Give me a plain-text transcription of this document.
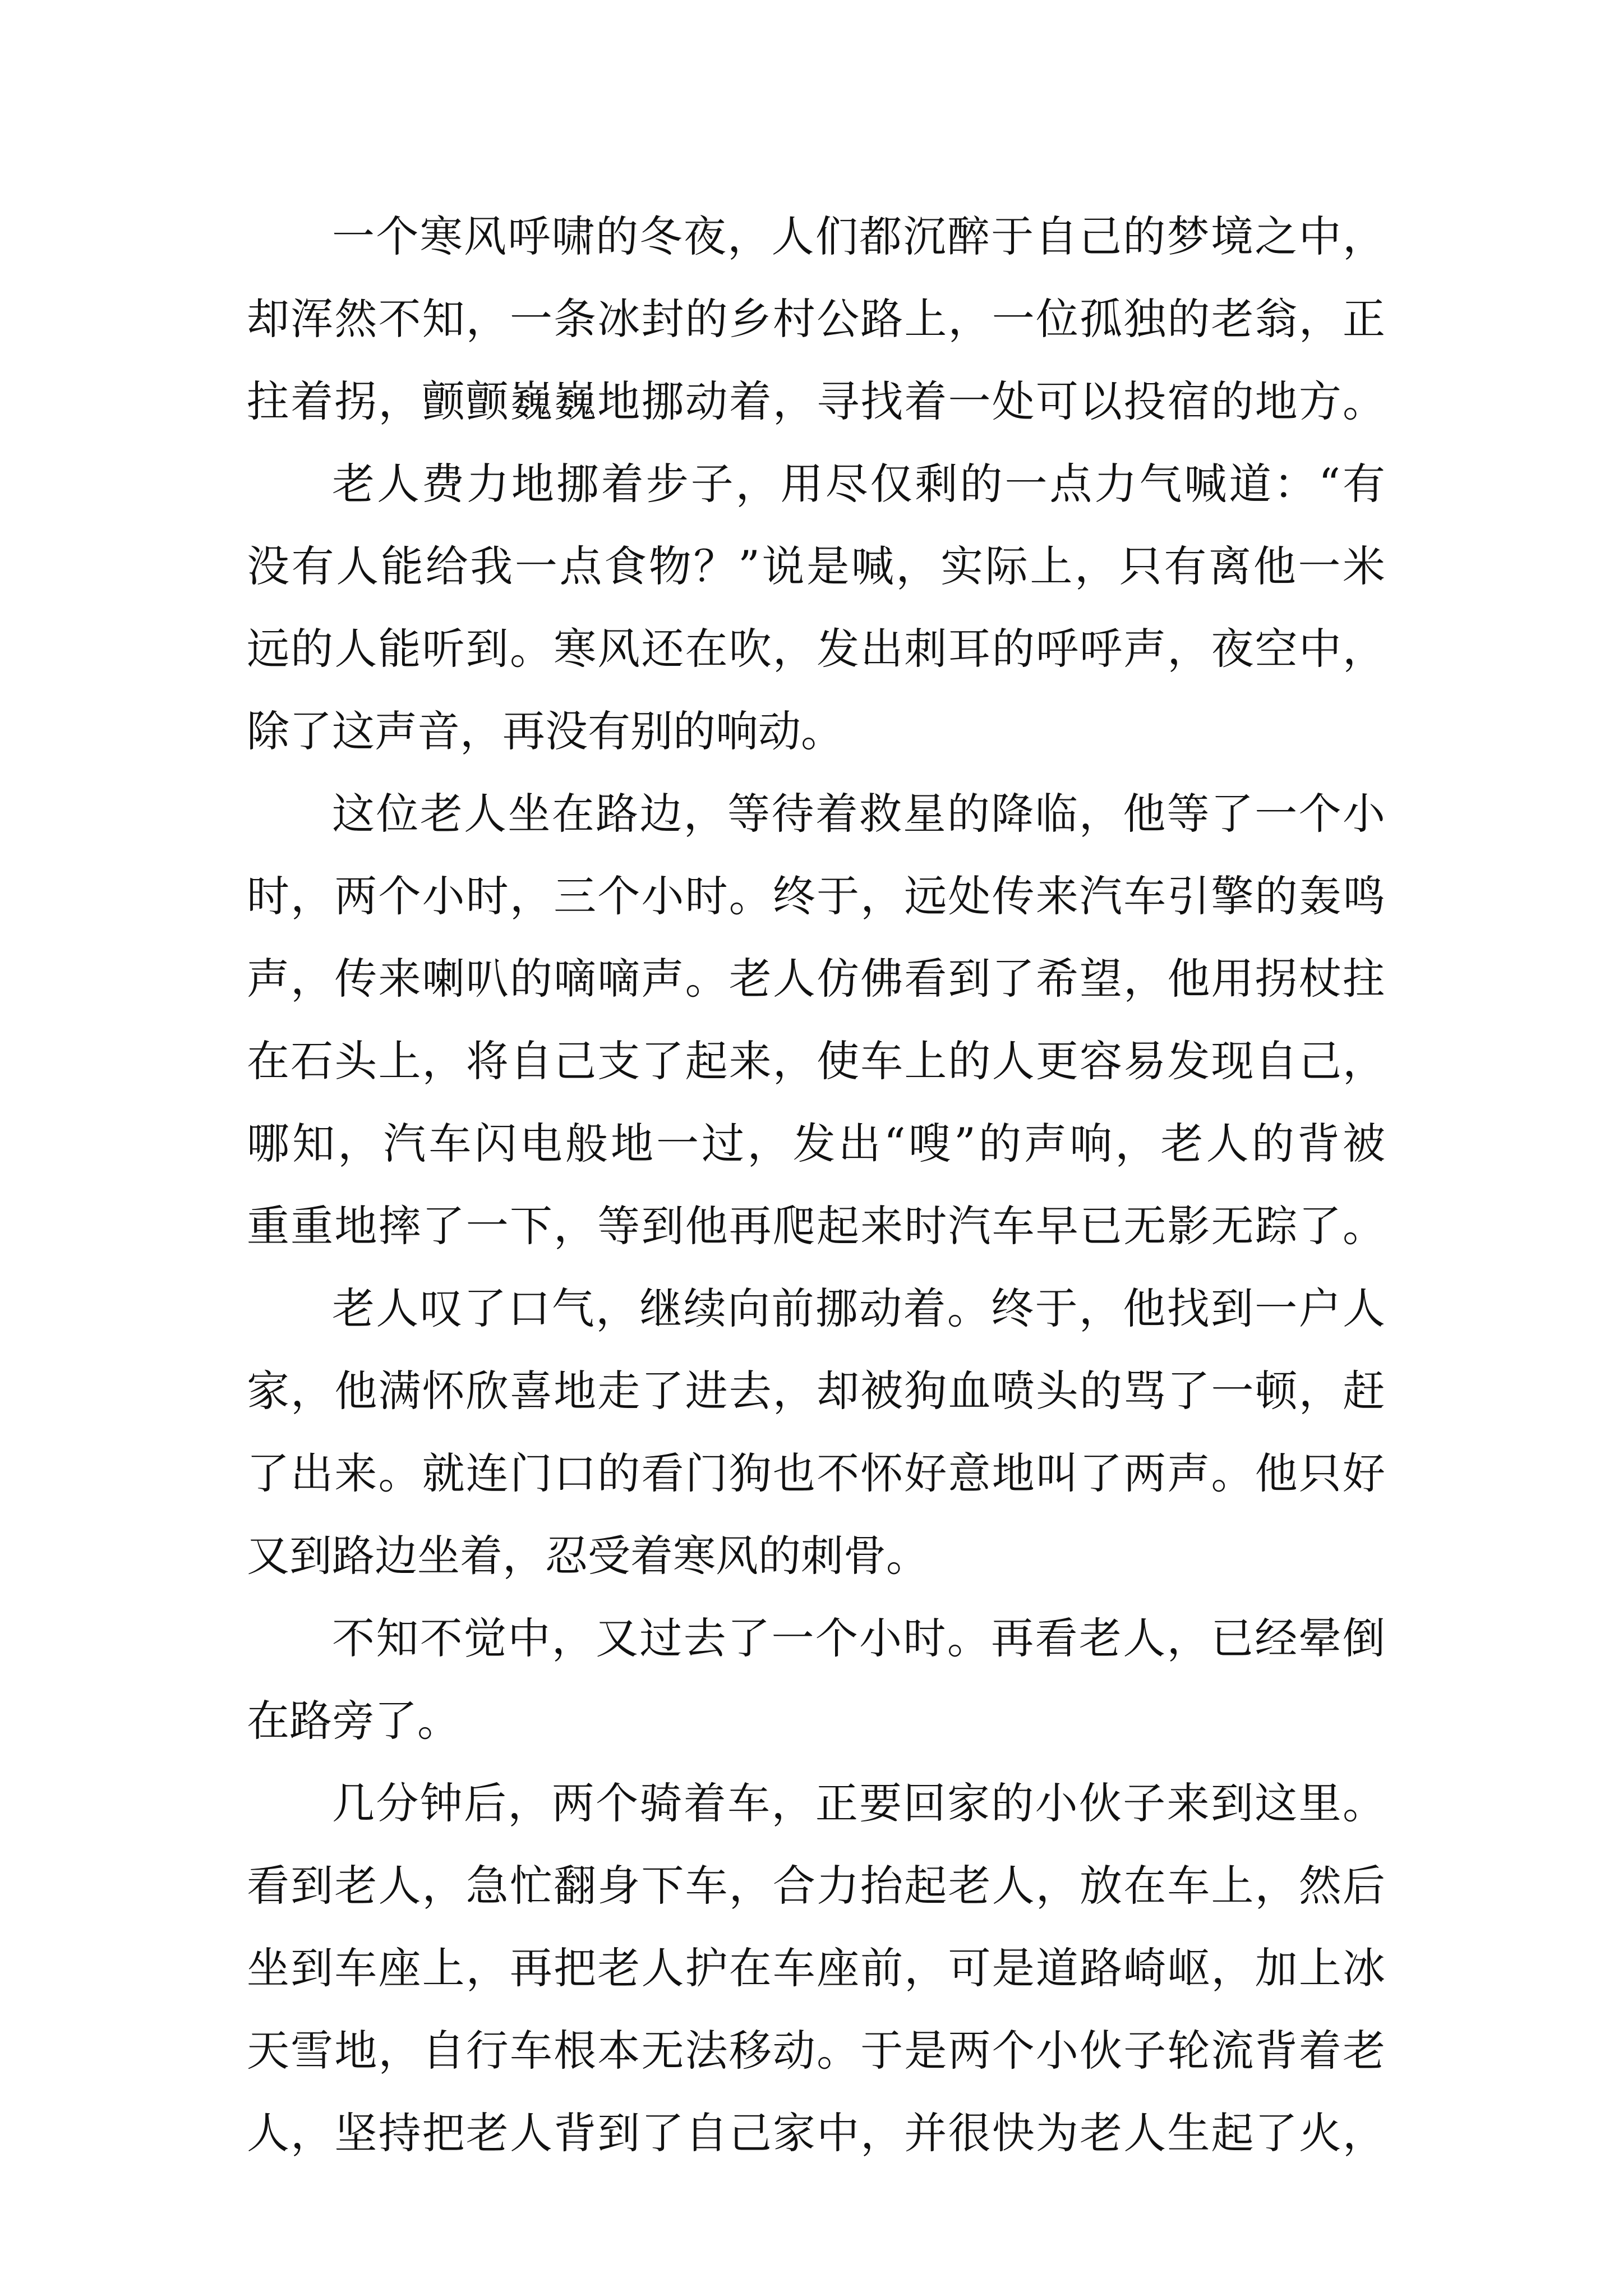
一个寒风呼啸的冬夜，人们都沉醉于自己的梦境之中，
却浑然不知，一条冰封的乡村公路上，一位孤独的老翁，正
拄着拐，颤颤巍巍地挪动着，寻找着一处可以投宿的地方。

老人费力地挪着步子，用尽仅剩的一点力气喊道：“有
没有人能给我一点食物？”说是喊，实际上，只有离他一米
远的人能听到。寒风还在吹，发出刺耳的呼呼声，夜空中，
除了这声音，再没有别的响动。

这位老人坐在路边，等待着救星的降临，他等了一个小
时，两个小时，三个小时。终于，远处传来汽车引擎的轰鸣
声，传来喇叭的嘀嘀声。老人仿佛看到了希望，他用拐杖拄
在石头上，将自己支了起来，使车上的人更容易发现自己，
哪知，汽车闪电般地一过，发出“嗖”的声响，老人的背被
重重地摔了一下，等到他再爬起来时汽车早已无影无踪了。

老人叹了口气，继续向前挪动着。终于，他找到一户人
家，他满怀欣喜地走了进去，却被狗血喷头的骂了一顿，赶
了出来。就连门口的看门狗也不怀好意地叫了两声。他只好
又到路边坐着，忍受着寒风的刺骨。

不知不觉中，又过去了一个小时。再看老人，已经晕倒
在路旁了。

几分钟后，两个骑着车，正要回家的小伙子来到这里。
看到老人，急忙翻身下车，合力抬起老人，放在车上，然后
坐到车座上，再把老人护在车座前，可是道路崎岖，加上冰
天雪地，自行车根本无法移动。于是两个小伙子轮流背着老
人，坚持把老人背到了自己家中，并很快为老人生起了火，
